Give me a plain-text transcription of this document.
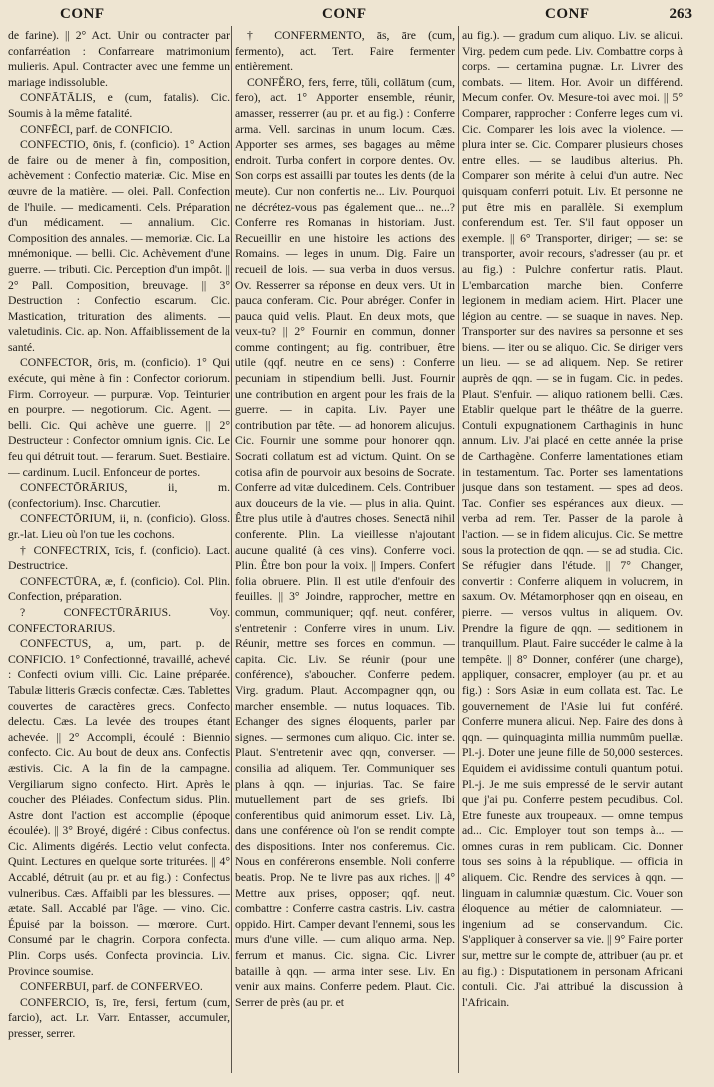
CONF	CONF	CONF	263

de farine). || 2° Act. Unir ou contracter par confarréation : Confarreare matrimonium mulieris. Apul. Contracter avec une femme un mariage indissoluble.

CONFĀTĀLIS, e (cum, fatalis). Cic. Soumis à la même fatalité.

CONFĒCI, parf. de CONFICIO.

CONFECTIO, ōnis, f. (conficio). 1° Action de faire ou de mener à fin, composition, achèvement : Confectio materiæ. Cic. Mise en œuvre de la matière. — olei. Pall. Confection de l'huile. — medicamenti. Cels. Préparation d'un médicament. — annalium. Cic. Composition des annales. — memoriæ. Cic. La mnémonique. — belli. Cic. Achèvement d'une guerre. — tributi. Cic. Perception d'un impôt. || 2° Pall. Composition, breuvage. || 3° Destruction : Confectio escarum. Cic. Mastication, trituration des aliments. — valetudinis. Cic. ap. Non. Affaiblissement de la santé.

CONFECTOR, ōris, m. (conficio). 1° Qui exécute, qui mène à fin : Confector coriorum. Firm. Corroyeur. — purpuræ. Vop. Teinturier en pourpre. — negotiorum. Cic. Agent. — belli. Cic. Qui achève une guerre. || 2° Destructeur : Confector omnium ignis. Cic. Le feu qui détruit tout. — ferarum. Suet. Bestiaire. — cardinum. Lucil. Enfonceur de portes.

CONFECTŌRĀRIUS, ii, m. (confectorium). Insc. Charcutier.

CONFECTŌRIUM, ii, n. (conficio). Gloss. gr.-lat. Lieu où l'on tue les cochons.

† CONFECTRIX, īcis, f. (conficio). Lact. Destructrice.

CONFECTŪRA, æ, f. (conficio). Col. Plin. Confection, préparation.

? CONFECTŪRĀRIUS. Voy. CONFECTORARIUS.

CONFECTUS, a, um, part. p. de CONFICIO. 1° Confectionné, travaillé, achevé : Confecti ovium villi. Cic. Laine préparée. Tabulæ litteris Græcis confectæ. Cæs. Tablettes couvertes de caractères grecs. Confecto delectu. Cæs. La levée des troupes étant achevée. || 2° Accompli, écoulé : Biennio confecto. Cic. Au bout de deux ans. Confectis æstivis. Cic. A la fin de la campagne. Vergiliarum signo confecto. Hirt. Après le coucher des Pléiades. Confectum sidus. Plin. Astre dont l'action est accomplie (époque écoulée). || 3° Broyé, digéré : Cibus confectus. Cic. Aliments digérés. Lectio velut confecta. Quint. Lectures en quelque sorte triturées. || 4° Accablé, détruit (au pr. et au fig.) : Confectus vulneribus. Cæs. Affaibli par les blessures. — ætate. Sall. Accablé par l'âge. — vino. Cic. Épuisé par la boisson. — mœrore. Curt. Consumé par le chagrin. Corpora confecta. Plin. Corps usés. Confecta provincia. Liv. Province soumise.

CONFERBUI, parf. de CONFERVEO.

CONFERCIO, īs, īre, fersi, fertum (cum, farcio), act. Lr. Varr. Entasser, accumuler, presser, serrer.

† CONFERMENTO, ās, āre (cum, fermento), act. Tert. Faire fermenter entièrement.

CONFĔRO, fers, ferre, tŭli, collātum (cum, fero), act. 1° Apporter ensemble, réunir, amasser, resserrer (au pr. et au fig.) : Conferre arma. Vell. sarcinas in unum locum. Cæs. Apporter ses armes, ses bagages au même endroit. Turba confert in corpore dentes. Ov. Son corps est assailli par toutes les dents (de la meute). Cur non confertis ne... Liv. Pourquoi ne décrétez-vous pas également que... ne...? Conferre res Romanas in historiam. Just. Recueillir en une histoire les actions des Romains. — leges in unum. Dig. Faire un recueil de lois. — sua verba in duos versus. Ov. Resserrer sa réponse en deux vers. Ut in pauca conferam. Cic. Pour abréger. Confer in pauca quid velis. Plaut. En deux mots, que veux-tu? || 2° Fournir en commun, donner comme contingent; au fig. contribuer, être utile (qqf. neutre en ce sens) : Conferre pecuniam in stipendium belli. Just. Fournir une contribution en argent pour les frais de la guerre. — in capita. Liv. Payer une contribution par tête. — ad honorem alicujus. Cic. Fournir une somme pour honorer qqn. Socrati collatum est ad victum. Quint. On se cotisa afin de pourvoir aux besoins de Socrate. Conferre ad vitæ dulcedinem. Cels. Contribuer aux douceurs de la vie. — plus in alia. Quint. Être plus utile à d'autres choses. Senectā nihil conferente. Plin. La vieillesse n'ajoutant aucune qualité (à ces vins). Conferre voci. Plin. Être bon pour la voix. || Impers. Confert folia obruere. Plin. Il est utile d'enfouir des feuilles. || 3° Joindre, rapprocher, mettre en commun, communiquer; qqf. neut. conférer, s'entretenir : Conferre vires in unum. Liv. Réunir, mettre ses forces en commun. — capita. Cic. Liv. Se réunir (pour une conférence), s'aboucher. Conferre pedem. Virg. gradum. Plaut. Accompagner qqn, ou marcher ensemble. — nutus loquaces. Tib. Echanger des signes éloquents, parler par signes. — sermones cum aliquo. Cic. inter se. Plaut. S'entretenir avec qqn, converser. — consilia ad aliquem. Ter. Communiquer ses plans à qqn. — injurias. Tac. Se faire mutuellement part de ses griefs. Ibi conferentibus quid animorum esset. Liv. Là, dans une conférence où l'on se rendit compte des dispositions. Inter nos conferemus. Cic. Nous en conférerons ensemble. Noli conferre beatis. Prop. Ne te livre pas aux riches. || 4° Mettre aux prises, opposer; qqf. neut. combattre : Conferre castra castris. Liv. castra oppido. Hirt. Camper devant l'ennemi, sous les murs d'une ville. — cum aliquo arma. Nep. ferrum et manus. Cic. signa. Cic. Livrer bataille à qqn. — arma inter sese. Liv. En venir aux mains. Conferre pedem. Plaut. Cic. Serrer de près (au pr. et

au fig.). — gradum cum aliquo. Liv. se alicui. Virg. pedem cum pede. Liv. Combattre corps à corps. — certamina pugnæ. Lr. Livrer des combats. — litem. Hor. Avoir un différend. Mecum confer. Ov. Mesure-toi avec moi. || 5° Comparer, rapprocher : Conferre leges cum vi. Cic. Comparer les lois avec la violence. — plura inter se. Cic. Comparer plusieurs choses entre elles. — se laudibus alterius. Ph. Comparer son mérite à celui d'un autre. Nec quisquam conferri potuit. Liv. Et personne ne put être mis en parallèle. Si exemplum conferendum est. Ter. S'il faut opposer un exemple. || 6° Transporter, diriger; — se: se transporter, avoir recours, s'adresser (au pr. et au fig.) : Pulchre confertur ratis. Plaut. L'embarcation marche bien. Conferre legionem in mediam aciem. Hirt. Placer une légion au centre. — se suaque in naves. Nep. Transporter sur des navires sa personne et ses biens. — iter ou se aliquo. Cic. Se diriger vers un lieu. — se ad aliquem. Nep. Se retirer auprès de qqn. — se in fugam. Cic. in pedes. Plaut. S'enfuir. — aliquo rationem belli. Cæs. Etablir quelque part le théâtre de la guerre. Contuli expugnationem Carthaginis in hunc annum. Liv. J'ai placé en cette année la prise de Carthagène. Conferre lamentationes etiam in testamentum. Tac. Porter ses lamentations jusque dans son testament. — spes ad deos. Tac. Confier ses espérances aux dieux. — verba ad rem. Ter. Passer de la parole à l'action. — se in fidem alicujus. Cic. Se mettre sous la protection de qqn. — se ad studia. Cic. Se réfugier dans l'étude. || 7° Changer, convertir : Conferre aliquem in volucrem, in saxum. Ov. Métamorphoser qqn en oiseau, en pierre. — versos vultus in aliquem. Ov. Prendre la figure de qqn. — seditionem in tranquillum. Plaut. Faire succéder le calme à la tempête. || 8° Donner, conférer (une charge), appliquer, consacrer, employer (au pr. et au fig.) : Sors Asiæ in eum collata est. Tac. Le gouvernement de l'Asie lui fut conféré. Conferre munera alicui. Nep. Faire des dons à qqn. — quinquaginta millia nummûm puellæ. Pl.-j. Doter une jeune fille de 50,000 sesterces. Equidem ei avidissime contuli quantum potui. Pl.-j. Je me suis empressé de le servir autant que j'ai pu. Conferre pestem pecudibus. Col. Etre funeste aux troupeaux. — omne tempus ad... Cic. Employer tout son temps à... — omnes curas in rem publicam. Cic. Donner tous ses soins à la république. — officia in aliquem. Cic. Rendre des services à qqn. — linguam in calumniæ quæstum. Cic. Vouer son éloquence au métier de calomniateur. — ingenium ad se conservandum. Cic. S'appliquer à conserver sa vie. || 9° Faire porter sur, mettre sur le compte de, attribuer (au pr. et au fig.) : Disputationem in personam Africani contuli. Cic. J'ai attribué la discussion à l'Africain.
